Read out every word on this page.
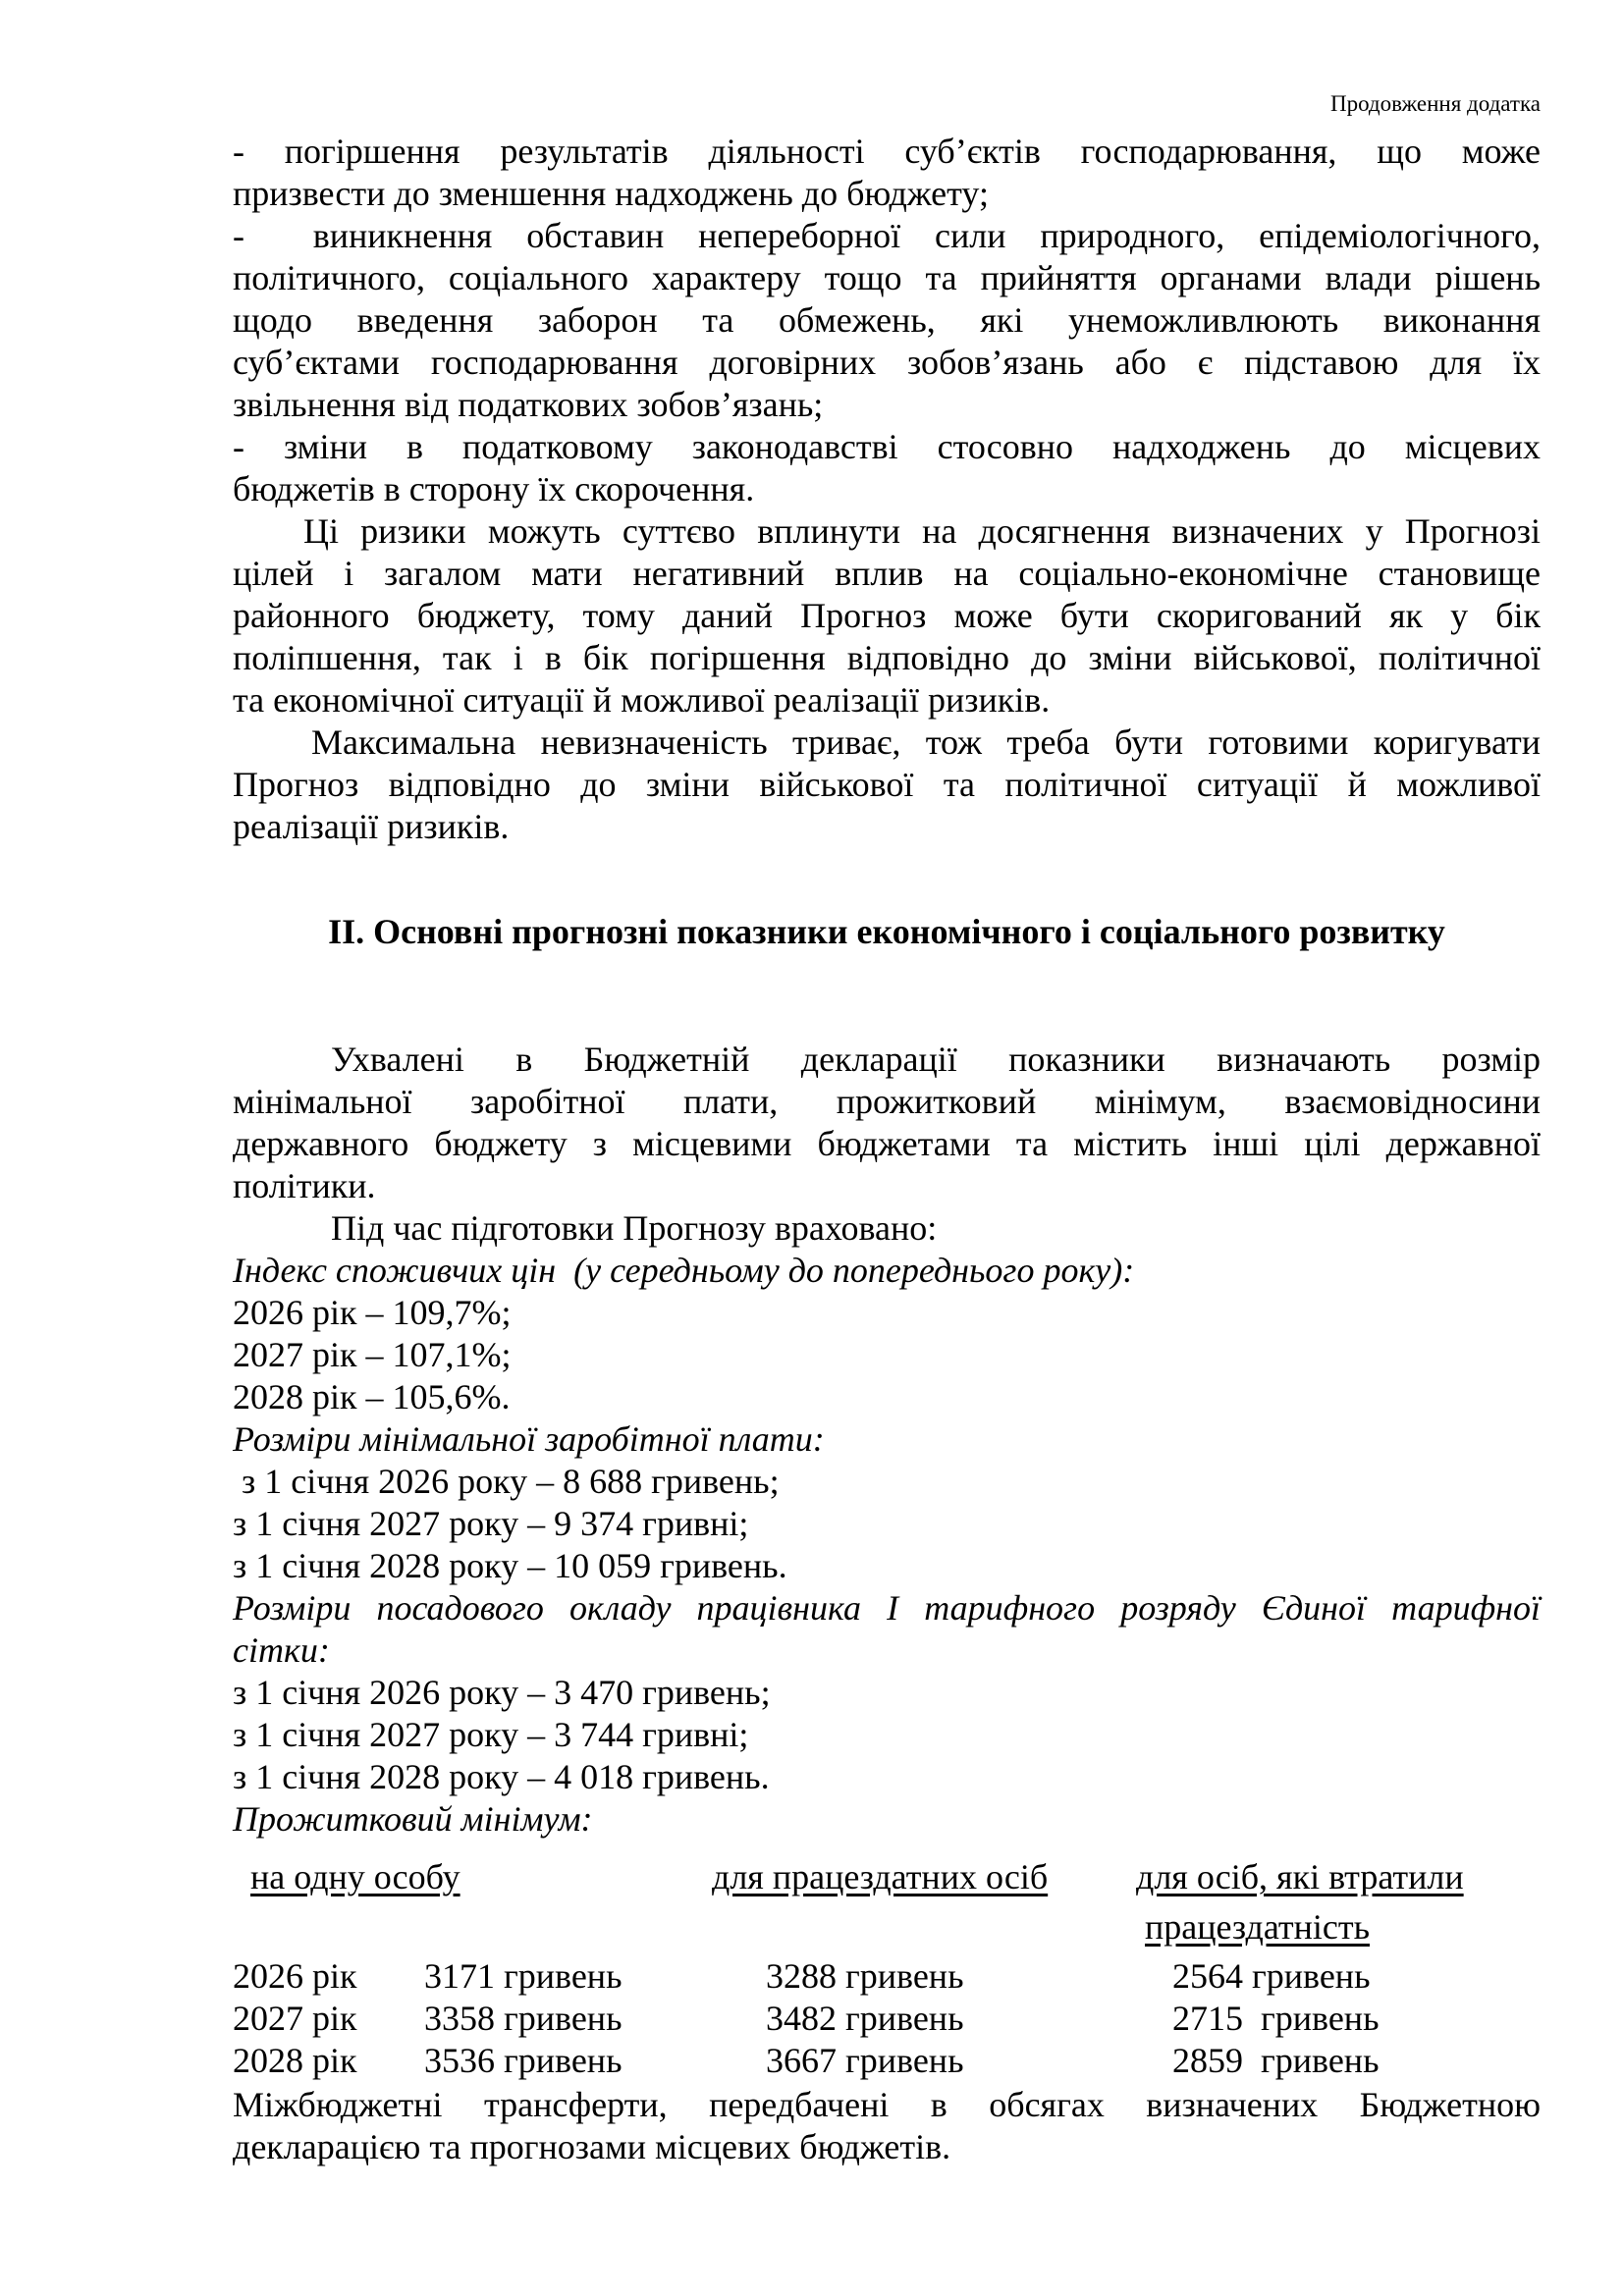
Продовження додатка
- погіршення результатів діяльності суб’єктів господарювання, що може
призвести до зменшення надходжень до бюджету;
-  виникнення обставин непереборної сили природного, епідеміологічного,
політичного, соціального характеру тощо та прийняття органами влади рішень
щодо введення заборон та обмежень, які унеможливлюють виконання
суб’єктами господарювання договірних зобов’язань або є підставою для їх
звільнення від податкових зобов’язань;
- зміни в податковому законодавстві стосовно надходжень до місцевих
бюджетів в сторону їх скорочення.
Ці ризики можуть суттєво вплинути на досягнення визначених у Прогнозі
цілей і загалом мати негативний вплив на соціально-економічне становище
районного бюджету, тому даний Прогноз може бути скоригований як у бік
поліпшення, так і в бік погіршення відповідно до зміни військової, політичної
та економічної ситуації й можливої реалізації ризиків.
Максимальна невизначеність триває, тож треба бути готовими коригувати
Прогноз відповідно до зміни військової та політичної ситуації й можливої
реалізації ризиків.
ІІ. Основні прогнозні показники економічного і соціального розвитку
Ухвалені в Бюджетній декларації показники визначають розмір
мінімальної заробітної плати, прожитковий мінімум, взаємовідносини
державного бюджету з місцевими бюджетами та містить інші цілі державної
політики.
Під час підготовки Прогнозу враховано:
Індекс споживчих цін  (у середньому до попереднього року):
2026 рік – 109,7%;
2027 рік – 107,1%;
2028 рік – 105,6%.
Розміри мінімальної заробітної плати:
з 1 січня 2026 року – 8 688 гривень;
з 1 січня 2027 року – 9 374 гривні;
з 1 січня 2028 року – 10 059 гривень.
Розміри посадового окладу працівника І тарифного розряду Єдиної тарифної
сітки:
з 1 січня 2026 року – 3 470 гривень;
з 1 січня 2027 року – 3 744 гривні;
з 1 січня 2028 року – 4 018 гривень.
Прожитковий мінімум:
на одну особу	для працездатних осіб для осіб, які втратили
працездатність
2026 рік 3171 гривень	3288 гривень	2564 гривень
2027 рік 3358 гривень	3482 гривень	2715  гривень
2028 рік 3536 гривень	3667 гривень	2859  гривень
Міжбюджетні трансферти, передбачені в обсягах визначених Бюджетною
декларацією та прогнозами місцевих бюджетів.
